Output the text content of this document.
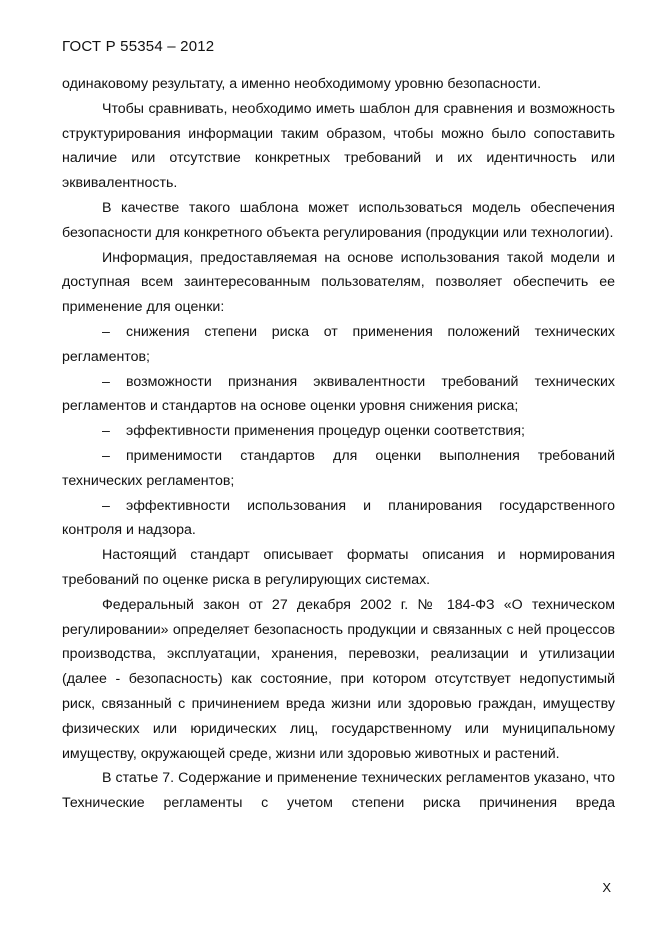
ГОСТ Р 55354 – 2012

одинаковому результату, а именно необходимому уровню безопасности.

Чтобы сравнивать, необходимо иметь шаблон для сравнения и возможность структурирования информации таким образом, чтобы можно было сопоставить наличие или отсутствие конкретных требований и их идентичность или эквивалентность.

В качестве такого шаблона может использоваться модель обеспечения безопасности для конкретного объекта регулирования (продукции или технологии).

Информация, предоставляемая на основе использования такой модели и доступная всем заинтересованным пользователям, позволяет обеспечить ее применение для оценки:

– снижения степени риска от применения положений технических регламентов;

– возможности признания эквивалентности требований технических регламентов и стандартов на основе оценки уровня снижения риска;

– эффективности применения процедур оценки соответствия;

– применимости стандартов для оценки выполнения требований технических регламентов;

– эффективности использования и планирования государственного контроля и надзора.

Настоящий стандарт описывает форматы описания и нормирования требований по оценке риска в регулирующих системах.

Федеральный закон от 27 декабря 2002 г. № 184-ФЗ «О техническом регулировании» определяет безопасность продукции и связанных с ней процессов производства, эксплуатации, хранения, перевозки, реализации и утилизации (далее - безопасность) как состояние, при котором отсутствует недопустимый риск, связанный с причинением вреда жизни или здоровью граждан, имуществу физических или юридических лиц, государственному или муниципальному имуществу, окружающей среде, жизни или здоровью животных и растений.

В статье 7. Содержание и применение технических регламентов указано, что Технические регламенты с учетом степени риска причинения вреда

X
